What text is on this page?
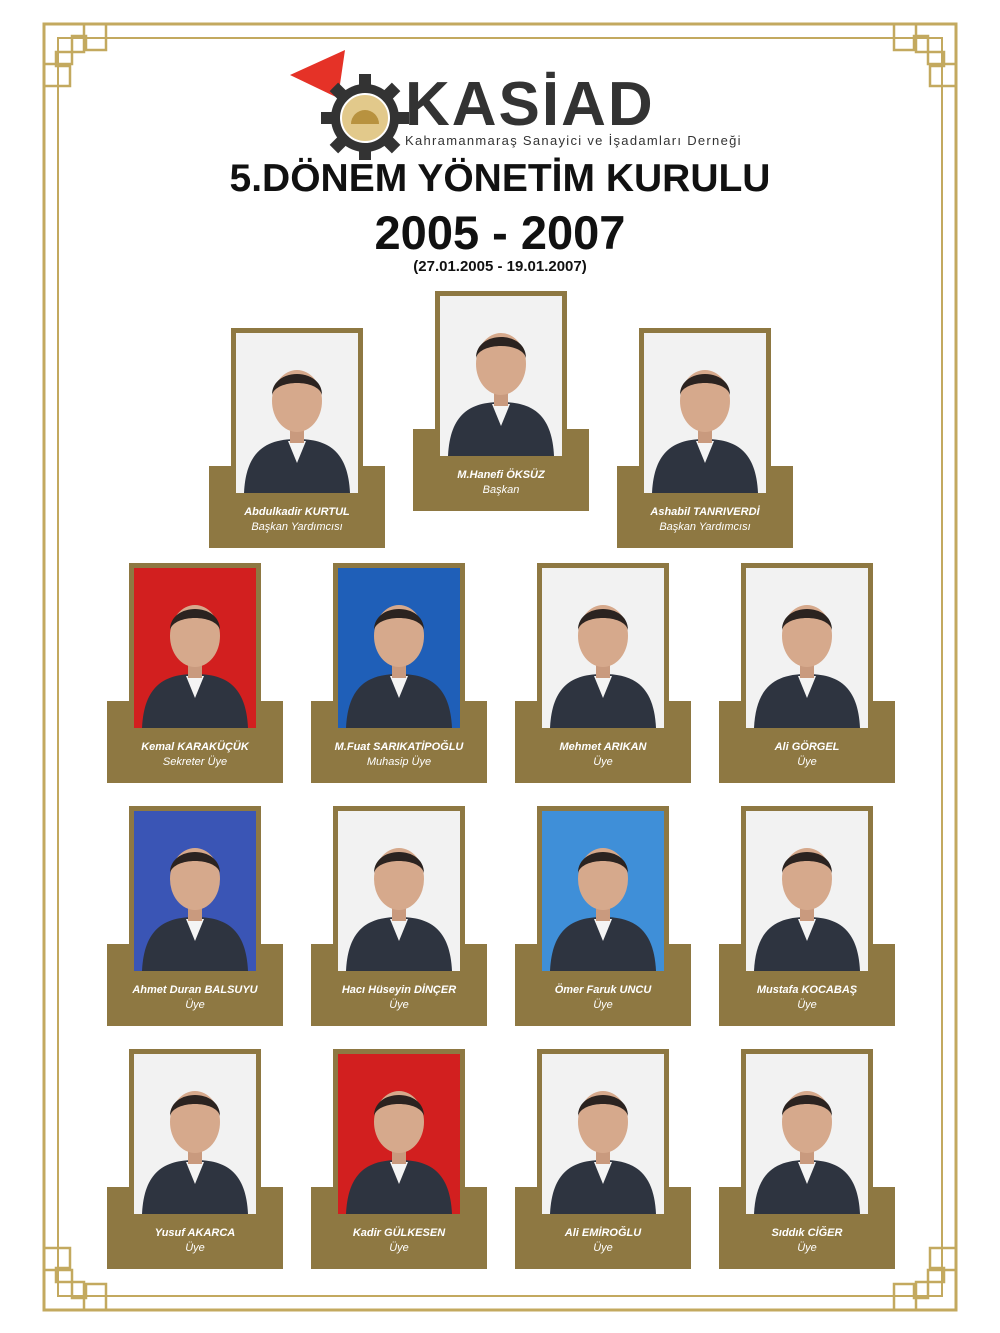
KASİAD
Kahramanmaraş Sanayici ve İşadamları Derneği
5.DÖNEM YÖNETİM KURULU
2005 - 2007
(27.01.2005 - 19.01.2007)
Abdulkadir KURTUL
Başkan Yardımcısı
M.Hanefi ÖKSÜZ
Başkan
Ashabil TANRIVERDİ
Başkan Yardımcısı
Kemal KARAKÜÇÜK
Sekreter Üye
M.Fuat SARIKATİPOĞLU
Muhasip Üye
Mehmet ARIKAN
Üye
Ali GÖRGEL
Üye
Ahmet Duran BALSUYU
Üye
Hacı Hüseyin DİNÇER
Üye
Ömer Faruk UNCU
Üye
Mustafa KOCABAŞ
Üye
Yusuf AKARCA
Üye
Kadir GÜLKESEN
Üye
Ali EMİROĞLU
Üye
Sıddık CİĞER
Üye
